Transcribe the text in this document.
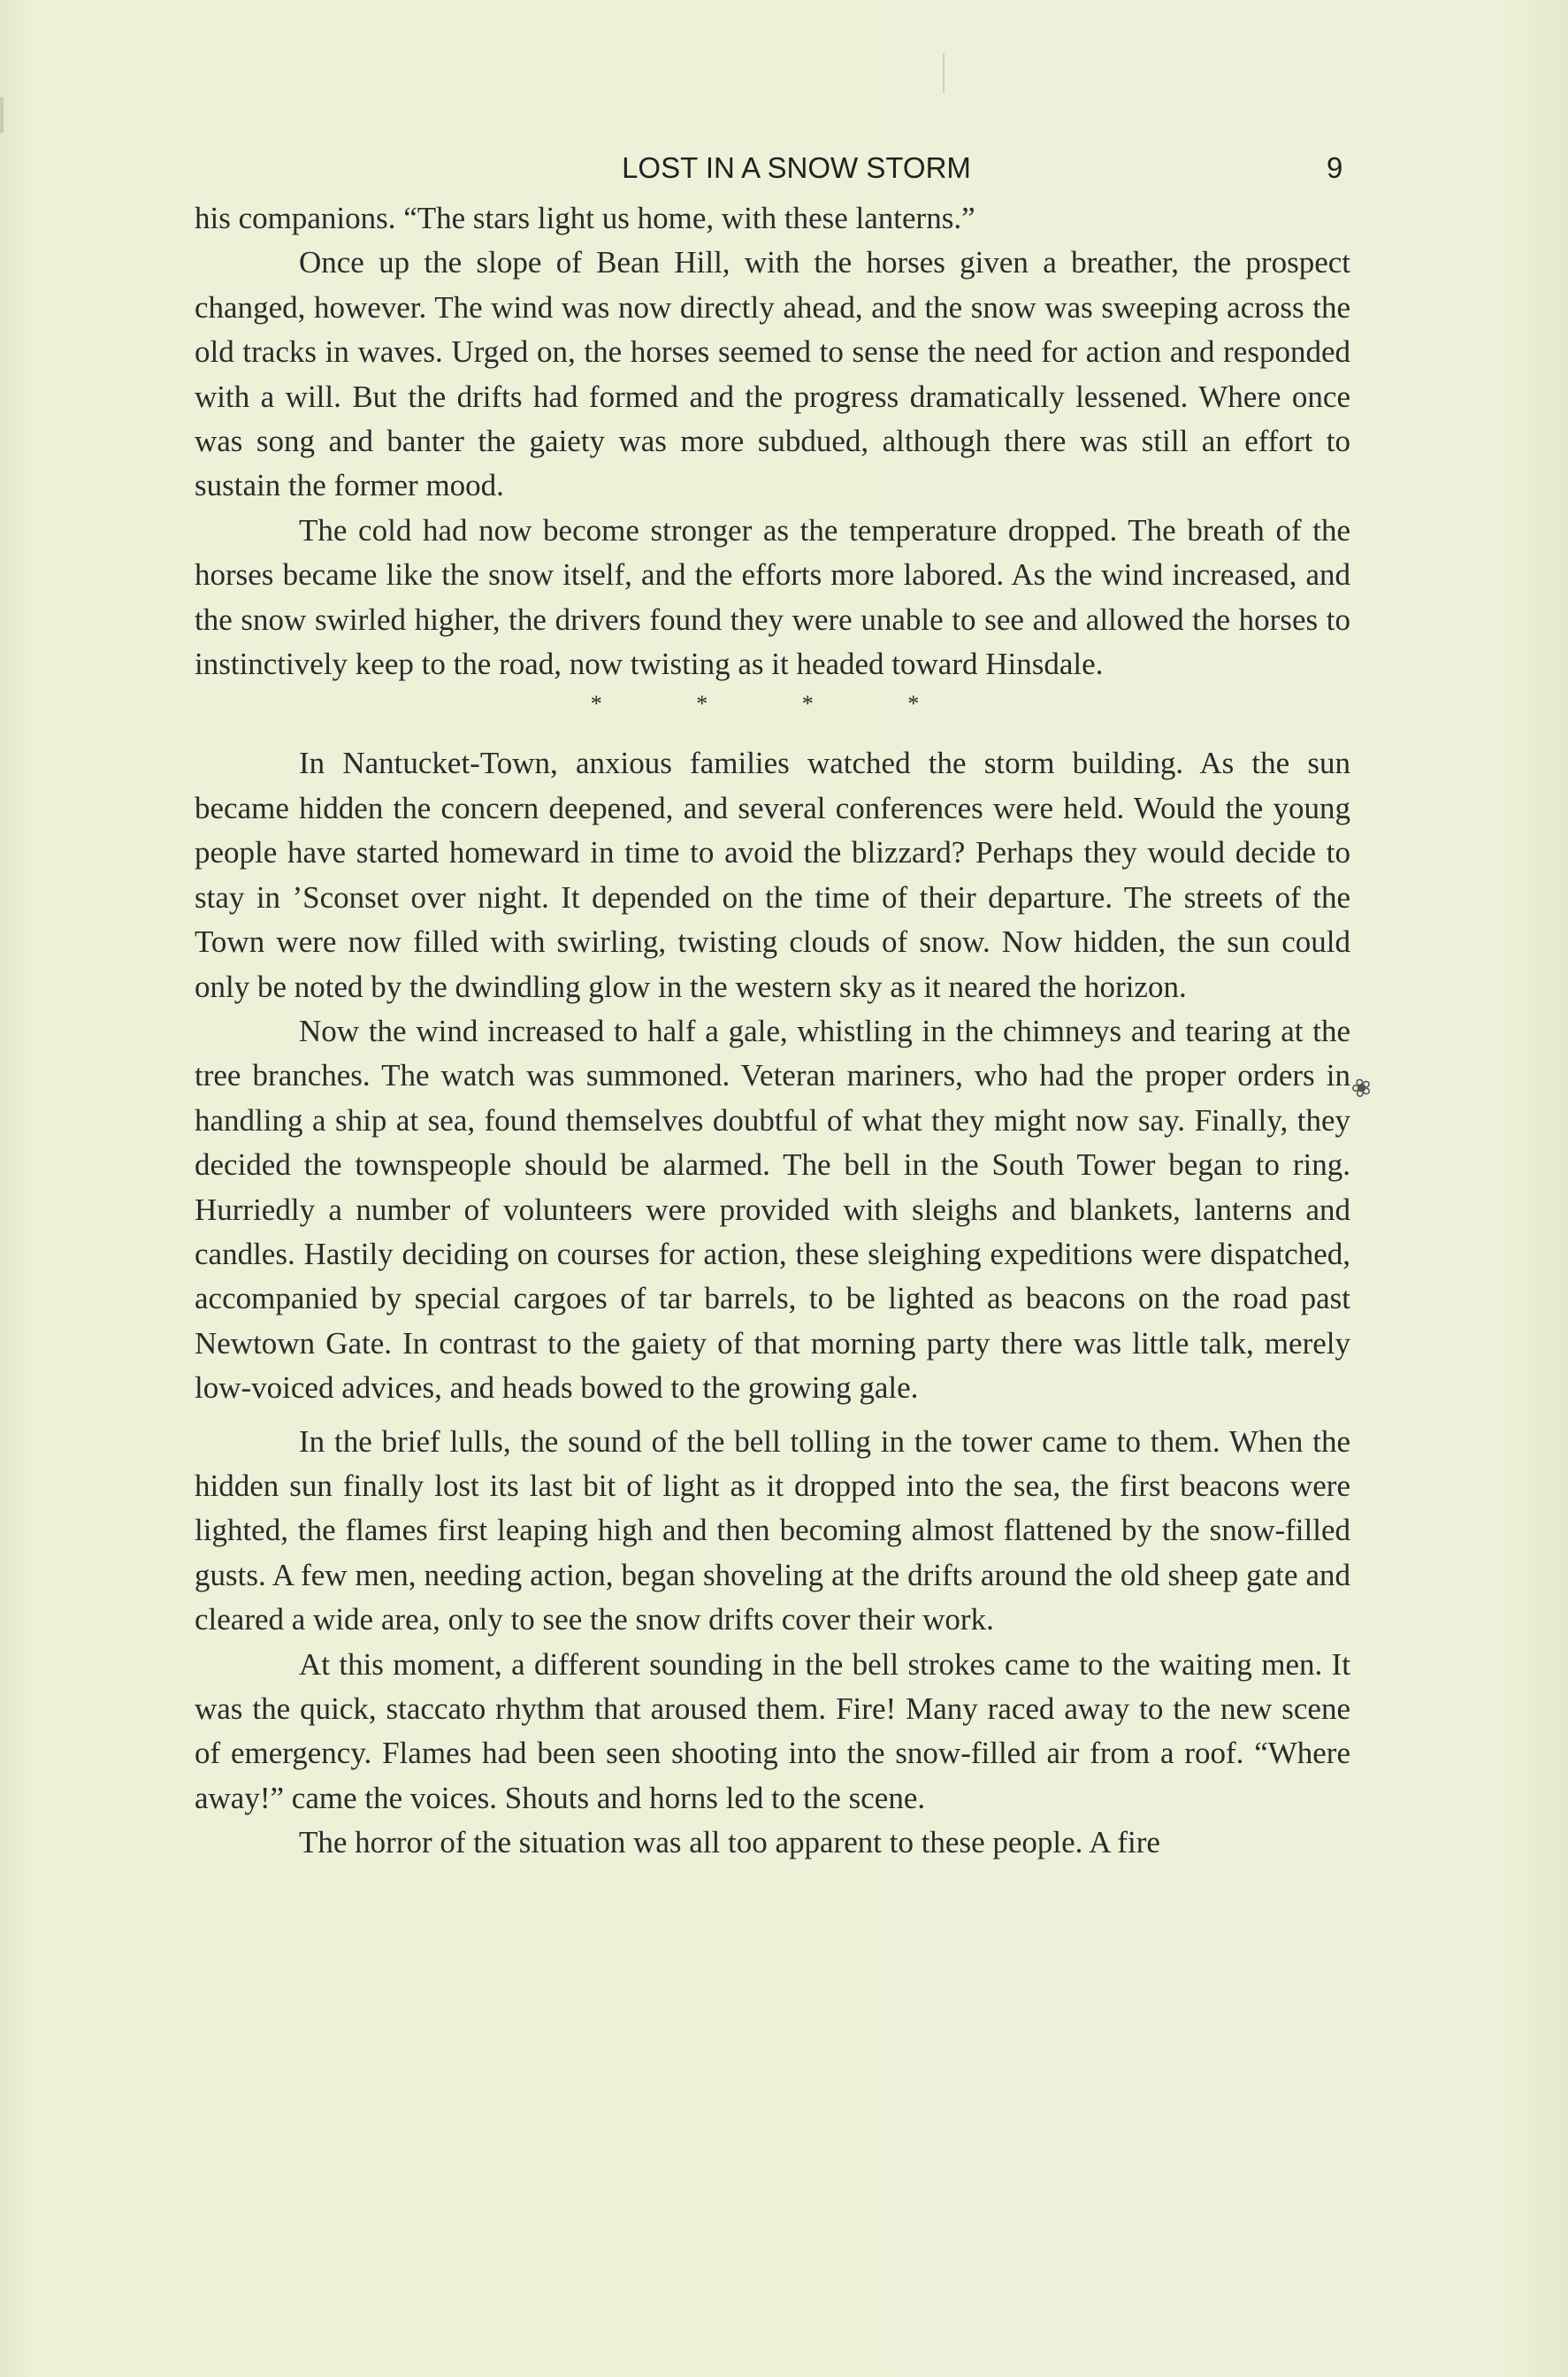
LOST IN A SNOW STORM	9

his companions. “The stars light us home, with these lanterns.”

Once up the slope of Bean Hill, with the horses given a breather, the prospect changed, however. The wind was now directly ahead, and the snow was sweeping across the old tracks in waves. Urged on, the horses seemed to sense the need for action and responded with a will. But the drifts had formed and the progress dramatically lessened. Where once was song and banter the gaiety was more subdued, although there was still an effort to sustain the former mood.

The cold had now become stronger as the temperature dropped. The breath of the horses became like the snow itself, and the efforts more labored. As the wind increased, and the snow swirled higher, the drivers found they were unable to see and allowed the horses to instinctively keep to the road, now twisting as it headed toward Hinsdale.

* * * *

In Nantucket-Town, anxious families watched the storm building. As the sun became hidden the concern deepened, and several conferences were held. Would the young people have started homeward in time to avoid the blizzard? Perhaps they would decide to stay in ’Sconset over night. It depended on the time of their departure. The streets of the Town were now filled with swirling, twisting clouds of snow. Now hidden, the sun could only be noted by the dwindling glow in the western sky as it neared the horizon.

Now the wind increased to half a gale, whistling in the chimneys and tearing at the tree branches. The watch was summoned. Veteran mariners, who had the proper orders in handling a ship at sea, found themselves doubtful of what they might now say. Finally, they decided the townspeople should be alarmed. The bell in the South Tower began to ring. Hurriedly a number of volunteers were provided with sleighs and blankets, lanterns and candles. Hastily deciding on courses for action, these sleighing expeditions were dispatched, accompanied by special cargoes of tar barrels, to be lighted as beacons on the road past Newtown Gate. In contrast to the gaiety of that morning party there was little talk, merely low-voiced advices, and heads bowed to the growing gale.

In the brief lulls, the sound of the bell tolling in the tower came to them. When the hidden sun finally lost its last bit of light as it dropped into the sea, the first beacons were lighted, the flames first leaping high and then becoming almost flattened by the snow-filled gusts. A few men, needing action, began shoveling at the drifts around the old sheep gate and cleared a wide area, only to see the snow drifts cover their work.

At this moment, a different sounding in the bell strokes came to the waiting men. It was the quick, staccato rhythm that aroused them. Fire! Many raced away to the new scene of emergency. Flames had been seen shooting into the snow-filled air from a roof. “Where away!” came the voices. Shouts and horns led to the scene.

The horror of the situation was all too apparent to these people. A fire

❀
